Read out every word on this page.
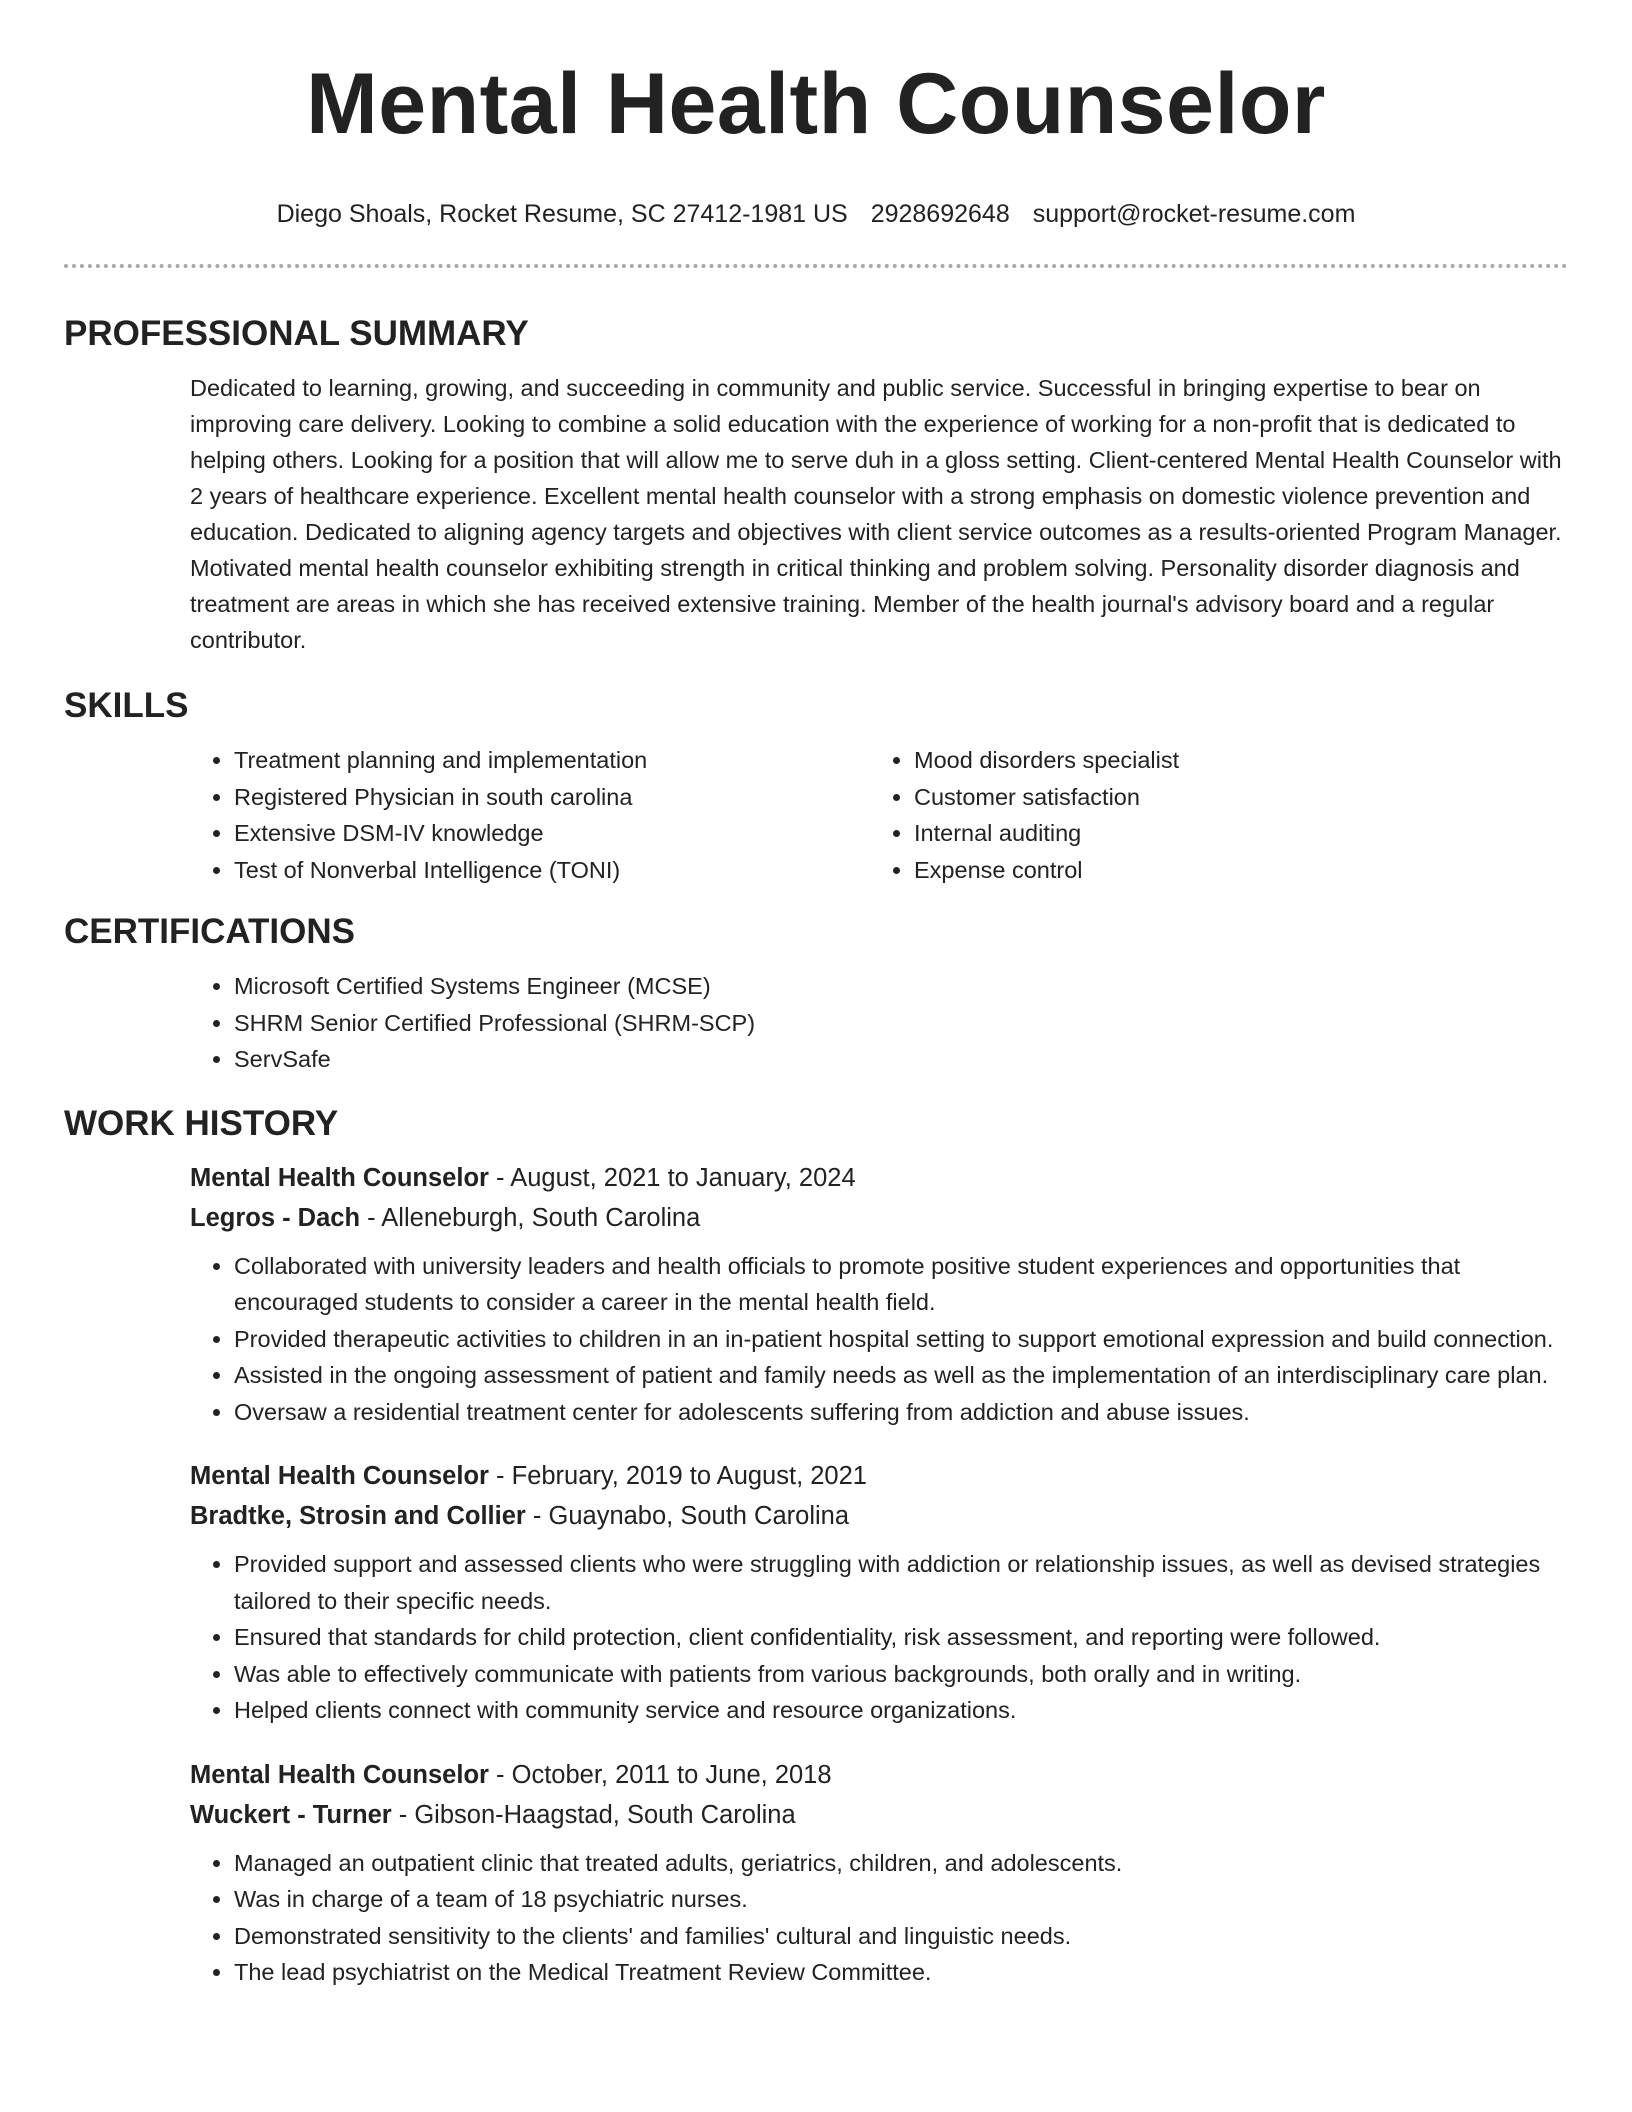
Mental Health Counselor
Diego Shoals, Rocket Resume, SC 27412-1981 US 2928692648 support@rocket-resume.com
PROFESSIONAL SUMMARY

Dedicated to learning, growing, and succeeding in community and public service. Successful in bringing expertise to bear on improving care delivery. Looking to combine a solid education with the experience of working for a non-profit that is dedicated to helping others. Looking for a position that will allow me to serve duh in a gloss setting. Client-centered Mental Health Counselor with 2 years of healthcare experience. Excellent mental health counselor with a strong emphasis on domestic violence prevention and education. Dedicated to aligning agency targets and objectives with client service outcomes as a results-oriented Program Manager. Motivated mental health counselor exhibiting strength in critical thinking and problem solving. Personality disorder diagnosis and treatment are areas in which she has received extensive training. Member of the health journal's advisory board and a regular contributor.

SKILLS
• Treatment planning and implementation
• Registered Physician in south carolina
• Extensive DSM-IV knowledge
• Test of Nonverbal Intelligence (TONI)
• Mood disorders specialist
• Customer satisfaction
• Internal auditing
• Expense control
CERTIFICATIONS
• Microsoft Certified Systems Engineer (MCSE)
• SHRM Senior Certified Professional (SHRM-SCP)
• ServSafe
WORK HISTORY

Mental Health Counselor - August, 2021 to January, 2024

Legros - Dach - Alleneburgh, South Carolina

• Collaborated with university leaders and health officials to promote positive student experiences and opportunities that encouraged students to consider a career in the mental health field.
• Provided therapeutic activities to children in an in-patient hospital setting to support emotional expression and build connection.
• Assisted in the ongoing assessment of patient and family needs as well as the implementation of an interdisciplinary care plan.
• Oversaw a residential treatment center for adolescents suffering from addiction and abuse issues.

Mental Health Counselor - February, 2019 to August, 2021

Bradtke, Strosin and Collier - Guaynabo, South Carolina

• Provided support and assessed clients who were struggling with addiction or relationship issues, as well as devised strategies tailored to their specific needs.
• Ensured that standards for child protection, client confidentiality, risk assessment, and reporting were followed.
• Was able to effectively communicate with patients from various backgrounds, both orally and in writing.
• Helped clients connect with community service and resource organizations.

Mental Health Counselor - October, 2011 to June, 2018

Wuckert - Turner - Gibson-Haagstad, South Carolina

• Managed an outpatient clinic that treated adults, geriatrics, children, and adolescents.
• Was in charge of a team of 18 psychiatric nurses.
• Demonstrated sensitivity to the clients' and families' cultural and linguistic needs.
• The lead psychiatrist on the Medical Treatment Review Committee.
